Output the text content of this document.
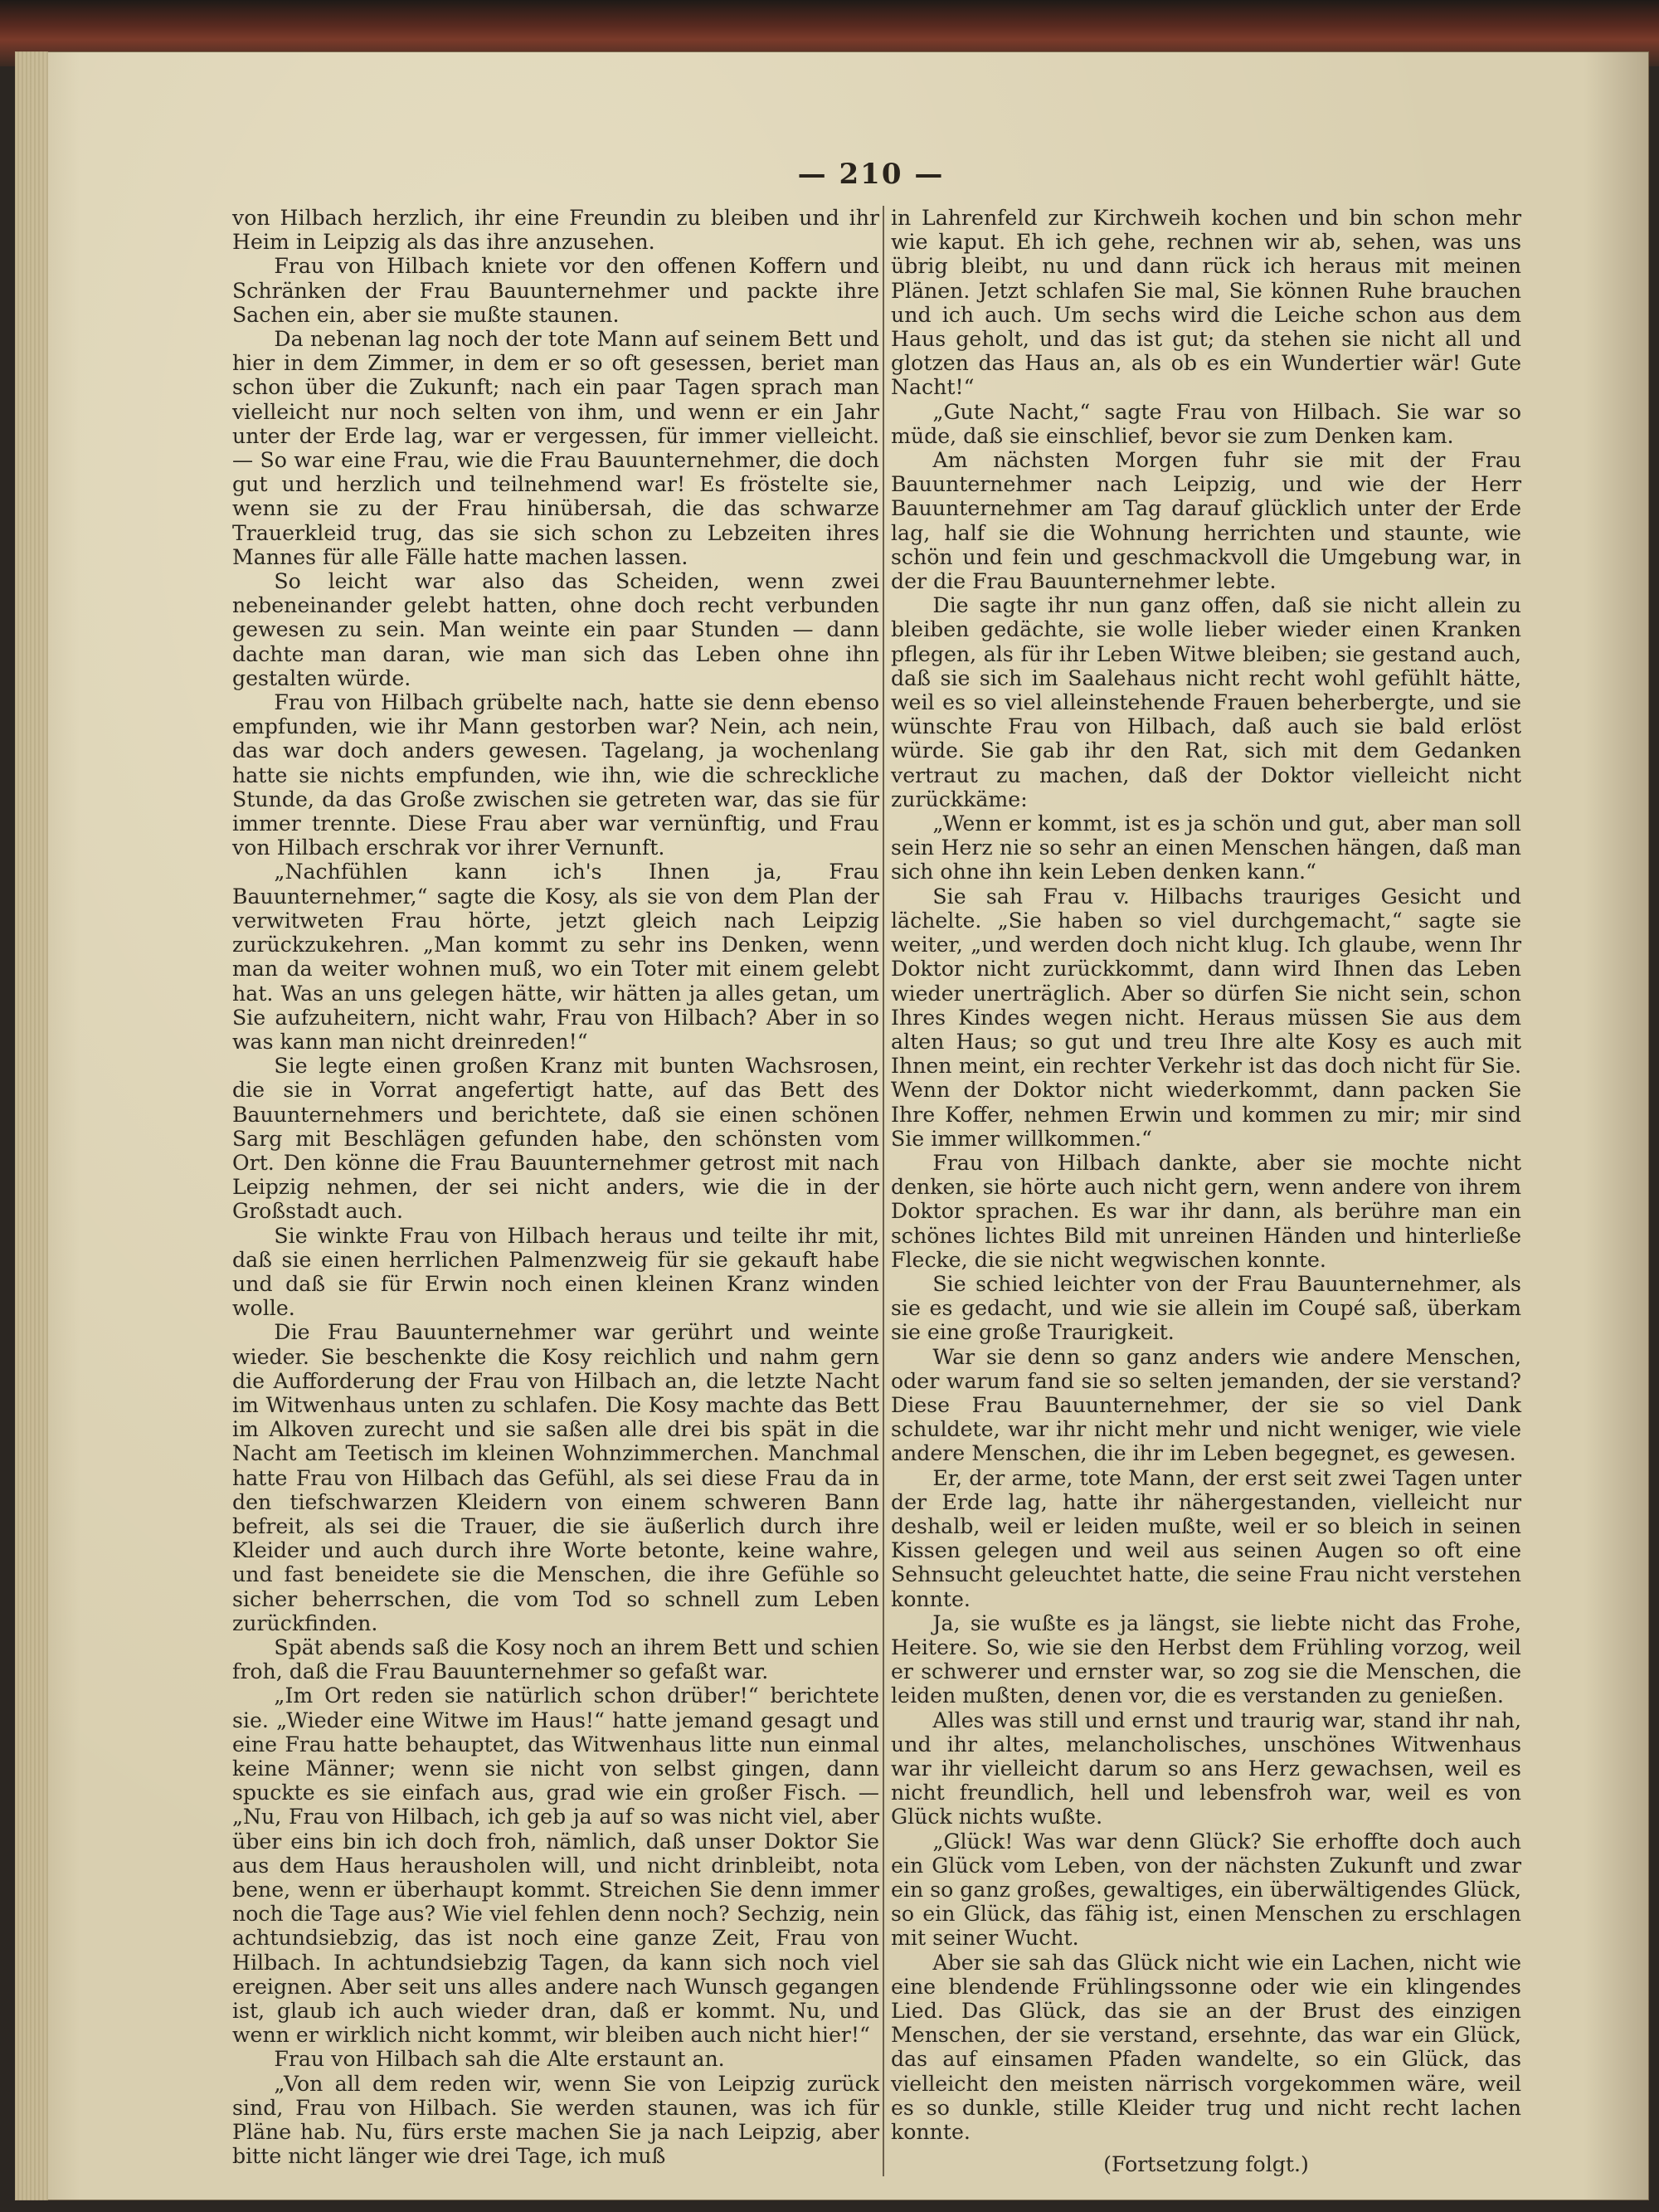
— 210 —

von Hilbach herzlich, ihr eine Freundin zu bleiben und ihr Heim in Leipzig als das ihre anzusehen.

Frau von Hilbach kniete vor den offenen Koffern und Schränken der Frau Bauunternehmer und packte ihre Sachen ein, aber sie mußte staunen.

Da nebenan lag noch der tote Mann auf seinem Bett und hier in dem Zimmer, in dem er so oft gesessen, beriet man schon über die Zukunft; nach ein paar Tagen sprach man vielleicht nur noch selten von ihm, und wenn er ein Jahr unter der Erde lag, war er vergessen, für immer vielleicht. — So war eine Frau, wie die Frau Bauunternehmer, die doch gut und herzlich und teilnehmend war! Es fröstelte sie, wenn sie zu der Frau hinübersah, die das schwarze Trauerkleid trug, das sie sich schon zu Lebzeiten ihres Mannes für alle Fälle hatte machen lassen.

So leicht war also das Scheiden, wenn zwei nebeneinander gelebt hatten, ohne doch recht verbunden gewesen zu sein. Man weinte ein paar Stunden — dann dachte man daran, wie man sich das Leben ohne ihn gestalten würde.

Frau von Hilbach grübelte nach, hatte sie denn ebenso empfunden, wie ihr Mann gestorben war? Nein, ach nein, das war doch anders gewesen. Tagelang, ja wochenlang hatte sie nichts empfunden, wie ihn, wie die schreckliche Stunde, da das Große zwischen sie getreten war, das sie für immer trennte. Diese Frau aber war vernünftig, und Frau von Hilbach erschrak vor ihrer Vernunft.

„Nachfühlen kann ich's Ihnen ja, Frau Bauunternehmer,“ sagte die Kosy, als sie von dem Plan der verwitweten Frau hörte, jetzt gleich nach Leipzig zurückzukehren. „Man kommt zu sehr ins Denken, wenn man da weiter wohnen muß, wo ein Toter mit einem gelebt hat. Was an uns gelegen hätte, wir hätten ja alles getan, um Sie aufzuheitern, nicht wahr, Frau von Hilbach? Aber in so was kann man nicht dreinreden!“

Sie legte einen großen Kranz mit bunten Wachsrosen, die sie in Vorrat angefertigt hatte, auf das Bett des Bauunternehmers und berichtete, daß sie einen schönen Sarg mit Beschlägen gefunden habe, den schönsten vom Ort. Den könne die Frau Bauunternehmer getrost mit nach Leipzig nehmen, der sei nicht anders, wie die in der Großstadt auch.

Sie winkte Frau von Hilbach heraus und teilte ihr mit, daß sie einen herrlichen Palmenzweig für sie gekauft habe und daß sie für Erwin noch einen kleinen Kranz winden wolle.

Die Frau Bauunternehmer war gerührt und weinte wieder. Sie beschenkte die Kosy reichlich und nahm gern die Aufforderung der Frau von Hilbach an, die letzte Nacht im Witwenhaus unten zu schlafen. Die Kosy machte das Bett im Alkoven zurecht und sie saßen alle drei bis spät in die Nacht am Teetisch im kleinen Wohnzimmerchen. Manchmal hatte Frau von Hilbach das Gefühl, als sei diese Frau da in den tiefschwarzen Kleidern von einem schweren Bann befreit, als sei die Trauer, die sie äußerlich durch ihre Kleider und auch durch ihre Worte betonte, keine wahre, und fast beneidete sie die Menschen, die ihre Gefühle so sicher beherrschen, die vom Tod so schnell zum Leben zurückfinden.

Spät abends saß die Kosy noch an ihrem Bett und schien froh, daß die Frau Bauunternehmer so gefaßt war.

„Im Ort reden sie natürlich schon drüber!“ berichtete sie. „Wieder eine Witwe im Haus!“ hatte jemand gesagt und eine Frau hatte behauptet, das Witwenhaus litte nun einmal keine Männer; wenn sie nicht von selbst gingen, dann spuckte es sie einfach aus, grad wie ein großer Fisch. — „Nu, Frau von Hilbach, ich geb ja auf so was nicht viel, aber über eins bin ich doch froh, nämlich, daß unser Doktor Sie aus dem Haus herausholen will, und nicht drinbleibt, nota bene, wenn er überhaupt kommt. Streichen Sie denn immer noch die Tage aus? Wie viel fehlen denn noch? Sechzig, nein achtundsiebzig, das ist noch eine ganze Zeit, Frau von Hilbach. In achtundsiebzig Tagen, da kann sich noch viel ereignen. Aber seit uns alles andere nach Wunsch gegangen ist, glaub ich auch wieder dran, daß er kommt. Nu, und wenn er wirklich nicht kommt, wir bleiben auch nicht hier!“

Frau von Hilbach sah die Alte erstaunt an.

„Von all dem reden wir, wenn Sie von Leipzig zurück sind, Frau von Hilbach. Sie werden staunen, was ich für Pläne hab. Nu, fürs erste machen Sie ja nach Leipzig, aber bitte nicht länger wie drei Tage, ich muß

in Lahrenfeld zur Kirchweih kochen und bin schon mehr wie kaput. Eh ich gehe, rechnen wir ab, sehen, was uns übrig bleibt, nu und dann rück ich heraus mit meinen Plänen. Jetzt schlafen Sie mal, Sie können Ruhe brauchen und ich auch. Um sechs wird die Leiche schon aus dem Haus geholt, und das ist gut; da stehen sie nicht all und glotzen das Haus an, als ob es ein Wundertier wär! Gute Nacht!“

„Gute Nacht,“ sagte Frau von Hilbach. Sie war so müde, daß sie einschlief, bevor sie zum Denken kam.

Am nächsten Morgen fuhr sie mit der Frau Bauunternehmer nach Leipzig, und wie der Herr Bauunternehmer am Tag darauf glücklich unter der Erde lag, half sie die Wohnung herrichten und staunte, wie schön und fein und geschmackvoll die Umgebung war, in der die Frau Bauunternehmer lebte.

Die sagte ihr nun ganz offen, daß sie nicht allein zu bleiben gedächte, sie wolle lieber wieder einen Kranken pflegen, als für ihr Leben Witwe bleiben; sie gestand auch, daß sie sich im Saalehaus nicht recht wohl gefühlt hätte, weil es so viel alleinstehende Frauen beherbergte, und sie wünschte Frau von Hilbach, daß auch sie bald erlöst würde. Sie gab ihr den Rat, sich mit dem Gedanken vertraut zu machen, daß der Doktor vielleicht nicht zurückkäme:

„Wenn er kommt, ist es ja schön und gut, aber man soll sein Herz nie so sehr an einen Menschen hängen, daß man sich ohne ihn kein Leben denken kann.“

Sie sah Frau v. Hilbachs trauriges Gesicht und lächelte. „Sie haben so viel durchgemacht,“ sagte sie weiter, „und werden doch nicht klug. Ich glaube, wenn Ihr Doktor nicht zurückkommt, dann wird Ihnen das Leben wieder unerträglich. Aber so dürfen Sie nicht sein, schon Ihres Kindes wegen nicht. Heraus müssen Sie aus dem alten Haus; so gut und treu Ihre alte Kosy es auch mit Ihnen meint, ein rechter Verkehr ist das doch nicht für Sie. Wenn der Doktor nicht wiederkommt, dann packen Sie Ihre Koffer, nehmen Erwin und kommen zu mir; mir sind Sie immer willkommen.“

Frau von Hilbach dankte, aber sie mochte nicht denken, sie hörte auch nicht gern, wenn andere von ihrem Doktor sprachen. Es war ihr dann, als berühre man ein schönes lichtes Bild mit unreinen Händen und hinterließe Flecke, die sie nicht wegwischen konnte.

Sie schied leichter von der Frau Bauunternehmer, als sie es gedacht, und wie sie allein im Coupé saß, überkam sie eine große Traurigkeit.

War sie denn so ganz anders wie andere Menschen, oder warum fand sie so selten jemanden, der sie verstand? Diese Frau Bauunternehmer, der sie so viel Dank schuldete, war ihr nicht mehr und nicht weniger, wie viele andere Menschen, die ihr im Leben begegnet, es gewesen.

Er, der arme, tote Mann, der erst seit zwei Tagen unter der Erde lag, hatte ihr nähergestanden, vielleicht nur deshalb, weil er leiden mußte, weil er so bleich in seinen Kissen gelegen und weil aus seinen Augen so oft eine Sehnsucht geleuchtet hatte, die seine Frau nicht verstehen konnte.

Ja, sie wußte es ja längst, sie liebte nicht das Frohe, Heitere. So, wie sie den Herbst dem Frühling vorzog, weil er schwerer und ernster war, so zog sie die Menschen, die leiden mußten, denen vor, die es verstanden zu genießen.

Alles was still und ernst und traurig war, stand ihr nah, und ihr altes, melancholisches, unschönes Witwenhaus war ihr vielleicht darum so ans Herz gewachsen, weil es nicht freundlich, hell und lebensfroh war, weil es von Glück nichts wußte.

„Glück! Was war denn Glück? Sie erhoffte doch auch ein Glück vom Leben, von der nächsten Zukunft und zwar ein so ganz großes, gewaltiges, ein überwältigendes Glück, so ein Glück, das fähig ist, einen Menschen zu erschlagen mit seiner Wucht.

Aber sie sah das Glück nicht wie ein Lachen, nicht wie eine blendende Frühlingssonne oder wie ein klingendes Lied. Das Glück, das sie an der Brust des einzigen Menschen, der sie verstand, ersehnte, das war ein Glück, das auf einsamen Pfaden wandelte, so ein Glück, das vielleicht den meisten närrisch vorgekommen wäre, weil es so dunkle, stille Kleider trug und nicht recht lachen konnte.

(Fortsetzung folgt.)
